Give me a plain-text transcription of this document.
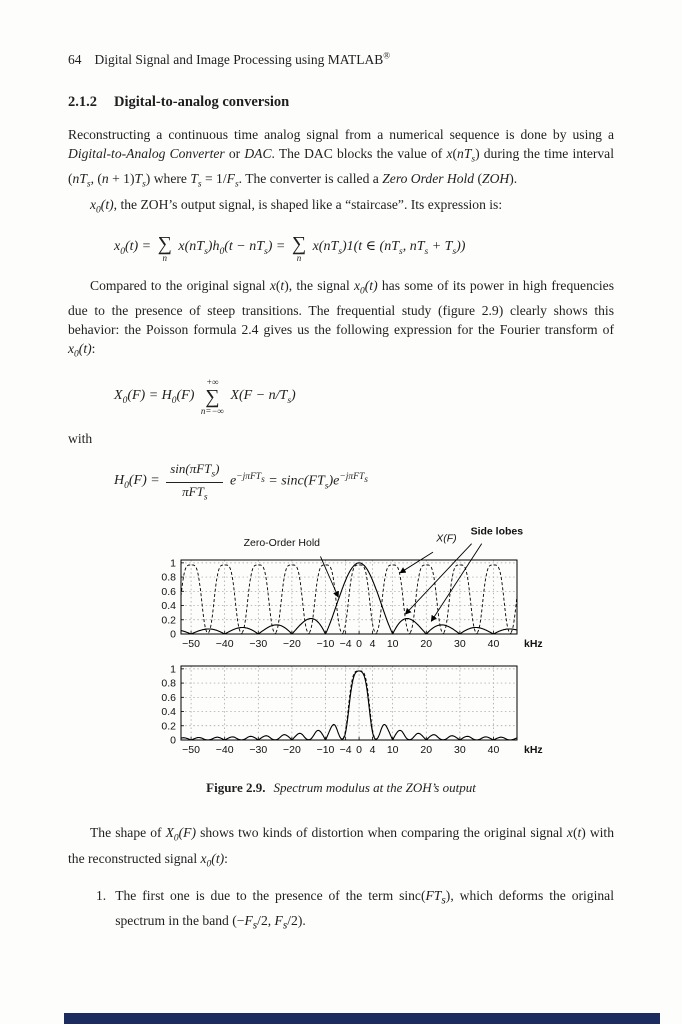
64 Digital Signal and Image Processing using MATLAB®
2.1.2 Digital-to-analog conversion

Reconstructing a continuous time analog signal from a numerical sequence is done by using a Digital-to-Analog Converter or DAC. The DAC blocks the value of $x(nT_s)$ during the time interval ($nT_s$, $(n + 1)T_s$) where $T_s = 1/F_s$. The converter is called a Zero Order Hold (ZOH).

$x_0(t)$, the ZOH’s output signal, is shaped like a “staircase”. Its expression is:

$x_0(t)$ = ∑
n
$x(nT_s)h_0(t - nT_s)$ = ∑
n
$x(nT_s)1(t$ ∈ ($nT_s$, $nT_s + T_s$))

Compared to the original signal x(t), the signal $x_0(t)$ has some of its power in high frequencies due to the presence of steep transitions. The frequential study (figure 2.9) clearly shows this behavior: the Poisson formula 2.4 gives us the following expression for the Fourier transform of $x_0(t)$:

$X_0(F) = H_0(F)$
+∞
∑
n=−∞
$X(F - n/T_s)$

with

$H_0(F) = \frac{\sin(\pi FT_s)}{\pi FT_s} e^{-j\pi FT_s} = \sin c(FT_s)e^{-j\pi FT_s}$
−50 −40 −30 −20 −10 −4 0 4 10 20 30 40 kHz
0
0.2
0.4
0.6
0.8
1
Zero-Order Hold	X(F)
Side lobes
−50 −40 −30 −20 −10 −4 0 4 10 20 30 40 kHz
0
0.2
0.4
0.6
0.8
1
Figure 2.9. Spectrum modulus at the ZOH’s output

The shape of $X_0(F)$ shows two kinds of distortion when comparing the original signal x(t) with the reconstructed signal $x_0(t)$:

1. The first one is due to the presence of the term $\sin c(FT_s)$, which deforms the original spectrum in the band ($-F_s/2$, $F_s/2$).
